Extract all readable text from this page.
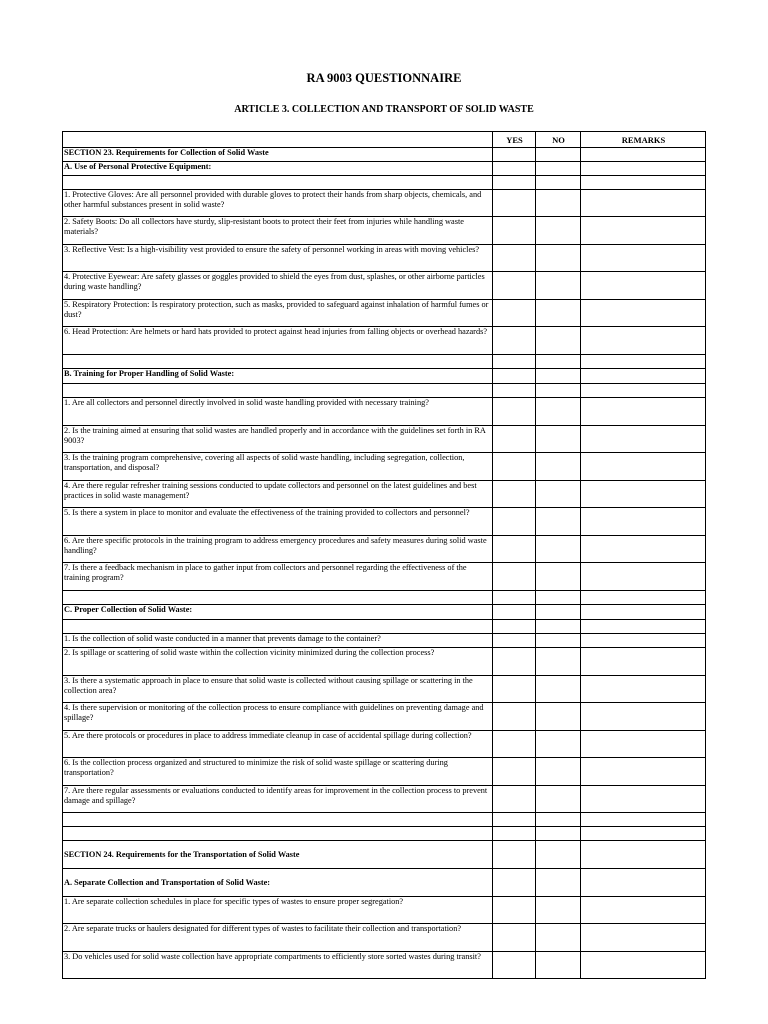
RA 9003 QUESTIONNAIRE
ARTICLE 3. COLLECTION AND TRANSPORT OF SOLID WASTE
	YES	NO	REMARKS
SECTION 23. Requirements for Collection of Solid Waste			
A. Use of Personal Protective Equipment:			

1. Protective Gloves: Are all personnel provided with durable gloves to protect their hands from sharp objects, chemicals, and other harmful substances present in solid waste?			
2. Safety Boots: Do all collectors have sturdy, slip-resistant boots to protect their feet from injuries while handling waste materials?			
3. Reflective Vest: Is a high-visibility vest provided to ensure the safety of personnel working in areas with moving vehicles?			
4. Protective Eyewear: Are safety glasses or goggles provided to shield the eyes from dust, splashes, or other airborne particles during waste handling?			
5. Respiratory Protection: Is respiratory protection, such as masks, provided to safeguard against inhalation of harmful fumes or dust?			
6. Head Protection: Are helmets or hard hats provided to protect against head injuries from falling objects or overhead hazards?			

B. Training for Proper Handling of Solid Waste:			

1. Are all collectors and personnel directly involved in solid waste handling provided with necessary training?			
2. Is the training aimed at ensuring that solid wastes are handled properly and in accordance with the guidelines set forth in RA 9003?			
3. Is the training program comprehensive, covering all aspects of solid waste handling, including segregation, collection, transportation, and disposal?			
4. Are there regular refresher training sessions conducted to update collectors and personnel on the latest guidelines and best practices in solid waste management?			
5. Is there a system in place to monitor and evaluate the effectiveness of the training provided to collectors and personnel?			
6. Are there specific protocols in the training program to address emergency procedures and safety measures during solid waste handling?			
7. Is there a feedback mechanism in place to gather input from collectors and personnel regarding the effectiveness of the training program?			

C. Proper Collection of Solid Waste:			

1. Is the collection of solid waste conducted in a manner that prevents damage to the container?			
2. Is spillage or scattering of solid waste within the collection vicinity minimized during the collection process?			
3. Is there a systematic approach in place to ensure that solid waste is collected without causing spillage or scattering in the collection area?			
4. Is there supervision or monitoring of the collection process to ensure compliance with guidelines on preventing damage and spillage?			
5. Are there protocols or procedures in place to address immediate cleanup in case of accidental spillage during collection?			
6. Is the collection process organized and structured to minimize the risk of solid waste spillage or scattering during transportation?			
7. Are there regular assessments or evaluations conducted to identify areas for improvement in the collection process to prevent damage and spillage?			

SECTION 24. Requirements for the Transportation of Solid Waste			
A. Separate Collection and Transportation of Solid Waste:			
1. Are separate collection schedules in place for specific types of wastes to ensure proper segregation?			
2. Are separate trucks or haulers designated for different types of wastes to facilitate their collection and transportation?			
3. Do vehicles used for solid waste collection have appropriate compartments to efficiently store sorted wastes during transit?			
